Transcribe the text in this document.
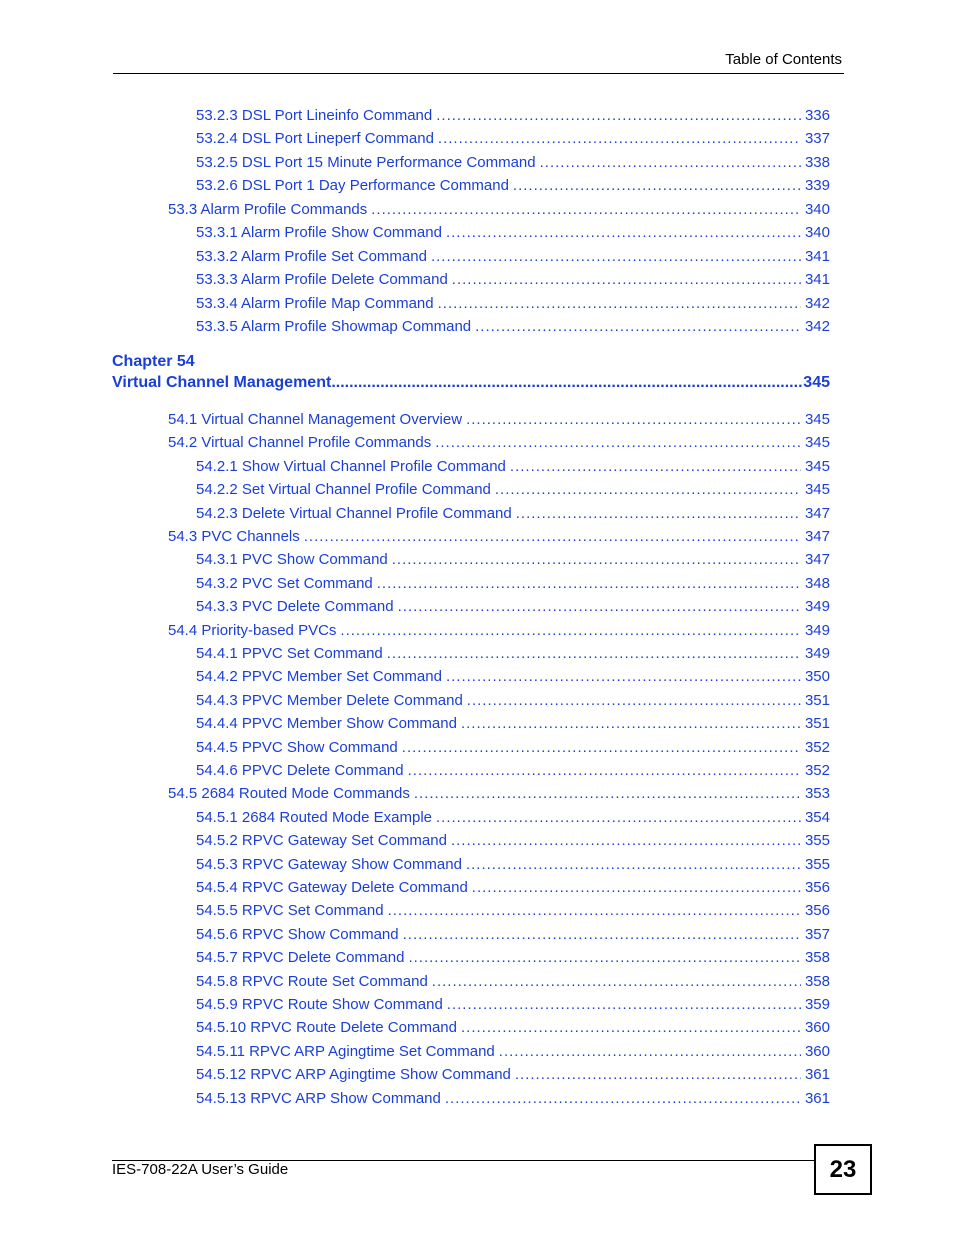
Table of Contents
53.2.3 DSL Port Lineinfo Command .....	336
53.2.4 DSL Port Lineperf Command .....	337
53.2.5 DSL Port 15 Minute Performance Command .....	338
53.2.6 DSL Port 1 Day Performance Command .....	339
53.3 Alarm Profile Commands .....	340
53.3.1 Alarm Profile Show Command .....	340
53.3.2 Alarm Profile Set Command .....	341
53.3.3 Alarm Profile Delete Command .....	341
53.3.4 Alarm Profile Map Command .....	342
53.3.5 Alarm Profile Showmap Command .....	342
Chapter 54
Virtual Channel Management .....	345
54.1 Virtual Channel Management Overview .....	345
54.2 Virtual Channel Profile Commands .....	345
54.2.1 Show Virtual Channel Profile Command .....	345
54.2.2 Set Virtual Channel Profile Command .....	345
54.2.3 Delete Virtual Channel Profile Command .....	347
54.3 PVC Channels .....	347
54.3.1 PVC Show Command .....	347
54.3.2 PVC Set Command .....	348
54.3.3 PVC Delete Command .....	349
54.4 Priority-based PVCs .....	349
54.4.1 PPVC Set Command .....	349
54.4.2 PPVC Member Set Command .....	350
54.4.3 PPVC Member Delete Command .....	351
54.4.4 PPVC Member Show Command .....	351
54.4.5 PPVC Show Command .....	352
54.4.6 PPVC Delete Command .....	352
54.5 2684 Routed Mode Commands .....	353
54.5.1 2684 Routed Mode Example .....	354
54.5.2 RPVC Gateway Set Command .....	355
54.5.3 RPVC Gateway Show Command .....	355
54.5.4 RPVC Gateway Delete Command .....	356
54.5.5 RPVC Set Command .....	356
54.5.6 RPVC Show Command .....	357
54.5.7 RPVC Delete Command .....	358
54.5.8 RPVC Route Set Command .....	358
54.5.9 RPVC Route Show Command .....	359
54.5.10 RPVC Route Delete Command .....	360
54.5.11 RPVC ARP Agingtime Set Command .....	360
54.5.12 RPVC ARP Agingtime Show Command .....	361
54.5.13 RPVC ARP Show Command .....	361
IES-708-22A User’s Guide	23
